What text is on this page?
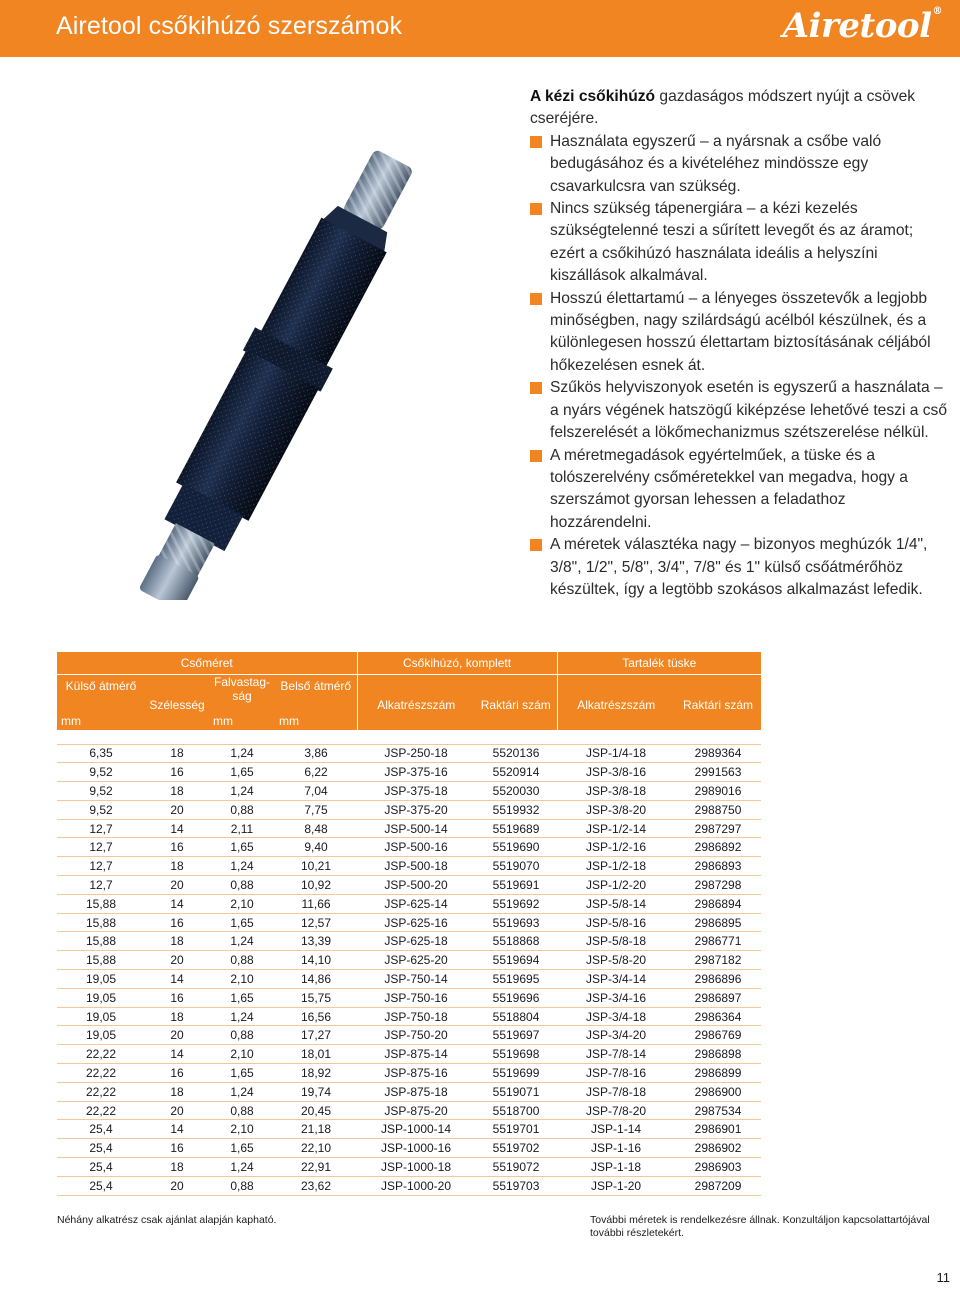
Airetool csőkihúzó szerszámok	Airetool®

A kézi csőkihúzó gazdaságos módszert nyújt a csövek cseréjére.

Használata egyszerű – a nyársnak a csőbe való bedugásához és a kivételéhez mindössze egy csavarkulcsra van szükség.

Nincs szükség tápenergiára – a kézi kezelés szükségtelenné teszi a sűrített levegőt és az áramot; ezért a csőkihúzó használata ideális a helyszíni kiszállások alkalmával.

Hosszú élettartamú – a lényeges összetevők a legjobb minőségben, nagy szilárdságú acélból készülnek, és a különlegesen hosszú élettartam biztosításának céljából hőkezelésen esnek át.

Szűkös helyviszonyok esetén is egyszerű a használata – a nyárs végének hatszögű kiképzése lehetővé teszi a cső felszerelését a lökőmechanizmus szétszerelése nélkül.

A méretmegadások egyértelműek, a tüske és a tolószerelvény csőméretekkel van megadva, hogy a szerszámot gyorsan lehessen a feladathoz hozzárendelni.

A méretek választéka nagy – bizonyos meghúzók 1/4", 3/8", 1/2", 5/8", 3/4", 7/8" és 1" külső csőátmérőhöz készültek, így a legtöbb szokásos alkalmazást lefedik.

Csőméret				Csőkihúzó, komplett		Tartalék tüske	
Külső átmérő	Szélesség	Falvastag-ság	Belső átmérő	Alkatrészszám	Raktári szám	Alkatrészszám	Raktári szám
mm		mm	mm				

6,35	18	1,24	3,86	JSP-250-18	5520136	JSP-1/4-18	2989364
9,52	16	1,65	6,22	JSP-375-16	5520914	JSP-3/8-16	2991563
9,52	18	1,24	7,04	JSP-375-18	5520030	JSP-3/8-18	2989016
9,52	20	0,88	7,75	JSP-375-20	5519932	JSP-3/8-20	2988750
12,7	14	2,11	8,48	JSP-500-14	5519689	JSP-1/2-14	2987297
12,7	16	1,65	9,40	JSP-500-16	5519690	JSP-1/2-16	2986892
12,7	18	1,24	10,21	JSP-500-18	5519070	JSP-1/2-18	2986893
12,7	20	0,88	10,92	JSP-500-20	5519691	JSP-1/2-20	2987298
15,88	14	2,10	11,66	JSP-625-14	5519692	JSP-5/8-14	2986894
15,88	16	1,65	12,57	JSP-625-16	5519693	JSP-5/8-16	2986895
15,88	18	1,24	13,39	JSP-625-18	5518868	JSP-5/8-18	2986771
15,88	20	0,88	14,10	JSP-625-20	5519694	JSP-5/8-20	2987182
19,05	14	2,10	14,86	JSP-750-14	5519695	JSP-3/4-14	2986896
19,05	16	1,65	15,75	JSP-750-16	5519696	JSP-3/4-16	2986897
19,05	18	1,24	16,56	JSP-750-18	5518804	JSP-3/4-18	2986364
19,05	20	0,88	17,27	JSP-750-20	5519697	JSP-3/4-20	2986769
22,22	14	2,10	18,01	JSP-875-14	5519698	JSP-7/8-14	2986898
22,22	16	1,65	18,92	JSP-875-16	5519699	JSP-7/8-16	2986899
22,22	18	1,24	19,74	JSP-875-18	5519071	JSP-7/8-18	2986900
22,22	20	0,88	20,45	JSP-875-20	5518700	JSP-7/8-20	2987534
25,4	14	2,10	21,18	JSP-1000-14	5519701	JSP-1-14	2986901
25,4	16	1,65	22,10	JSP-1000-16	5519702	JSP-1-16	2986902
25,4	18	1,24	22,91	JSP-1000-18	5519072	JSP-1-18	2986903
25,4	20	0,88	23,62	JSP-1000-20	5519703	JSP-1-20	2987209
Néhány alkatrész csak ajánlat alapján kapható.	További méretek is rendelkezésre állnak. Konzultáljon kapcsolattartójával további részletekért.
11
